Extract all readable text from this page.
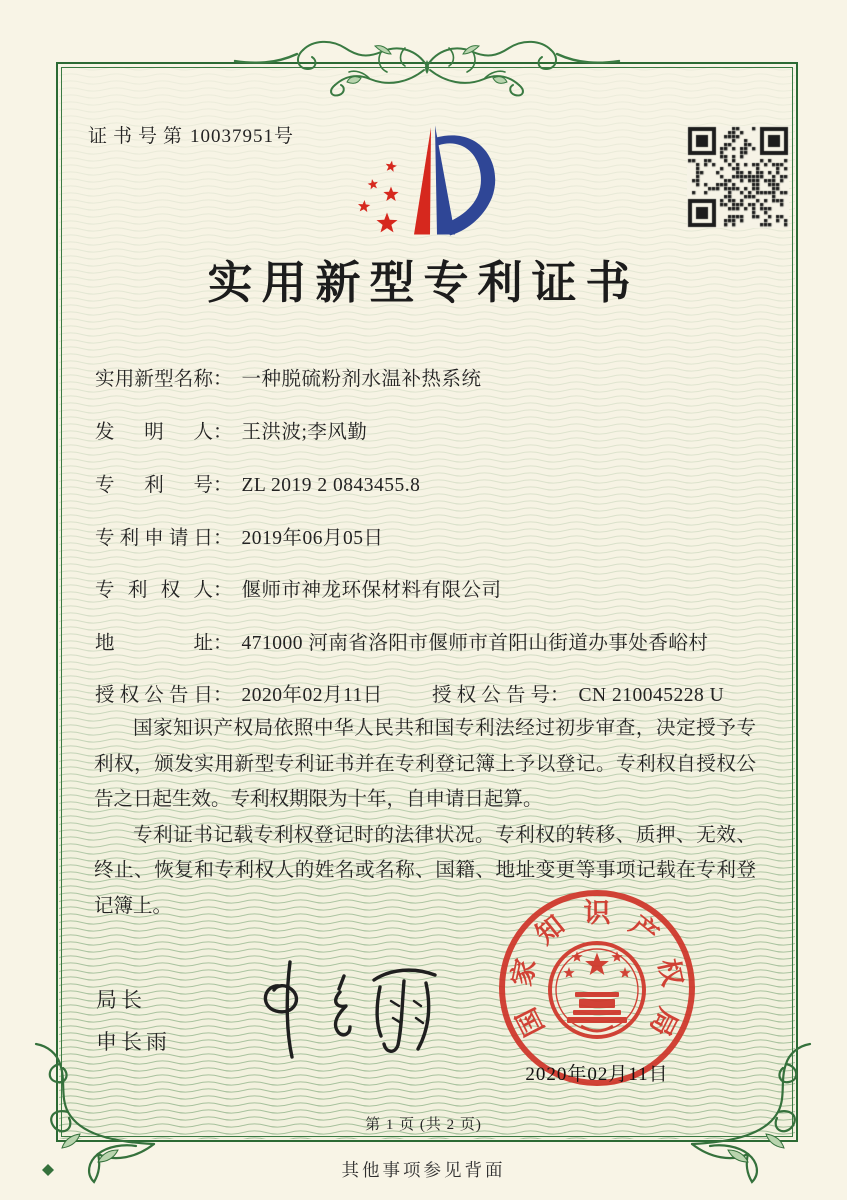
证书号第 10037951号
实用新型专利证书
实用新型名称： 一种脱硫粉剂水温补热系统
发明人： 王洪波;李风勤
专利号： ZL 2019 2 0843455.8
专利申请日： 2019年06月05日
专利权人： 偃师市神龙环保材料有限公司
地址： 471000 河南省洛阳市偃师市首阳山街道办事处香峪村
授权公告日： 2020年02月11日	授权公告号： CN 210045228 U

国家知识产权局依照中华人民共和国专利法经过初步审查，决定授予专利权，颁发实用新型专利证书并在专利登记簿上予以登记。专利权自授权公告之日起生效。专利权期限为十年，自申请日起算。

专利证书记载专利权登记时的法律状况。专利权的转移、质押、无效、终止、恢复和专利权人的姓名或名称、国籍、地址变更等事项记载在专利登记簿上。

局长
申长雨
国
家
知 识 产
权
局
2020年02月11日
第 1 页 (共 2 页)
其他事项参见背面
